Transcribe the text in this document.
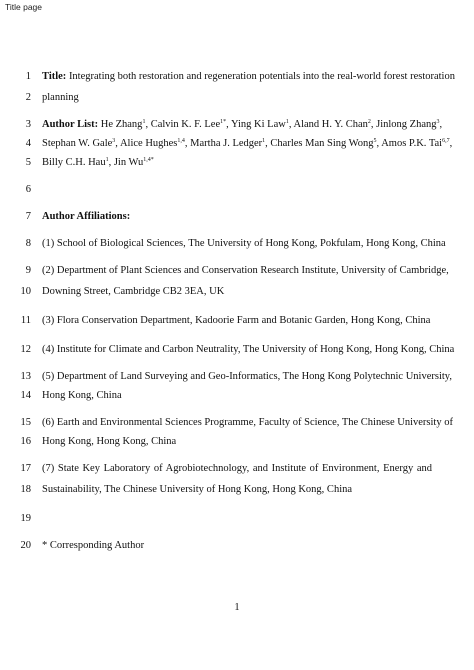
Title page
1
2
3
4
5
6
7
8
9
10
11
12
13
14
15
16
17
18
19
20
Title: Integrating both restoration and regeneration potentials into the real-world forest restoration
planning
Author List: He Zhang$^1$, Calvin K. F. Lee$^{1*}$, Ying Ki Law$^1$, Aland H. Y. Chan$^2$, Jinlong Zhang$^3$,
Stephan W. Gale$^3$, Alice Hughes$^{1,4}$, Martha J. Ledger$^1$, Charles Man Sing Wong$^5$, Amos P.K. Tai$^{6,7}$,
Billy C.H. Hau$^1$, Jin $Wu^{1,4*}$
Author Affiliations:
(1) School of Biological Sciences, The University of Hong Kong, Pokfulam, Hong Kong, China
(2) Department of Plant Sciences and Conservation Research Institute, University of Cambridge,
Downing Street, Cambridge CB2 3EA, UK
(3) Flora Conservation Department, Kadoorie Farm and Botanic Garden, Hong Kong, China
(4) Institute for Climate and Carbon Neutrality, The University of Hong Kong, Hong Kong, China
(5) Department of Land Surveying and Geo-Informatics, The Hong Kong Polytechnic University,
Hong Kong, China
(6) Earth and Environmental Sciences Programme, Faculty of Science, The Chinese University of
Hong Kong, Hong Kong, China
(7) State Key Laboratory of Agrobiotechnology, and Institute of Environment, Energy and
Sustainability, The Chinese University of Hong Kong, Hong Kong, China
* Corresponding Author
1
